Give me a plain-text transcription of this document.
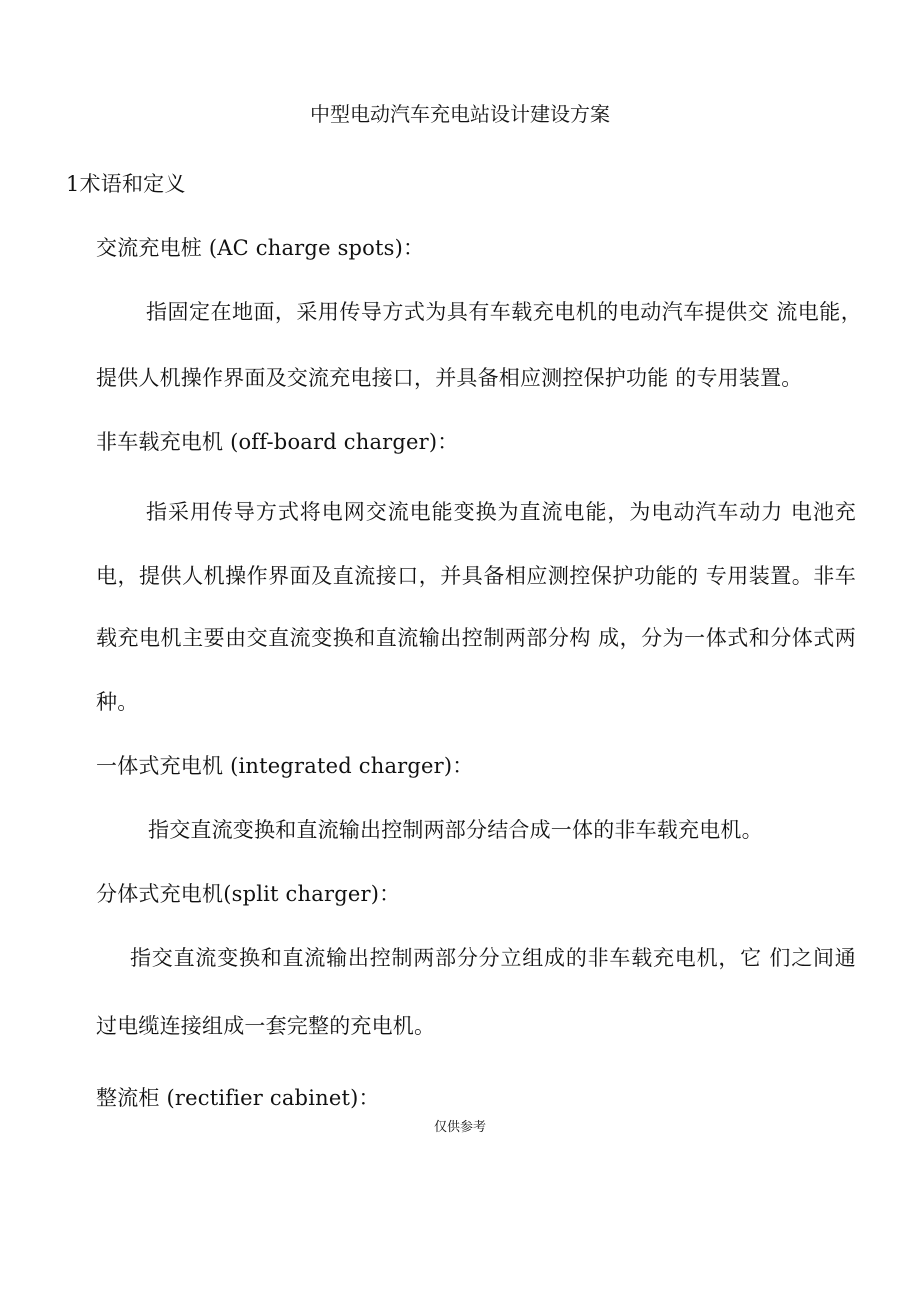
中型电动汽车充电站设计建设方案
1术语和定义
交流充电桩 (AC charge spots)：
指固定在地面，采用传导方式为具有车载充电机的电动汽车提供交 流电能，
提供人机操作界面及交流充电接口，并具备相应测控保护功能 的专用装置。
非车载充电机 (off-board charger)：
指采用传导方式将电网交流电能变换为直流电能，为电动汽车动力 电池充
电，提供人机操作界面及直流接口，并具备相应测控保护功能的 专用装置。非车
载充电机主要由交直流变换和直流输出控制两部分构 成，分为一体式和分体式两
种。
一体式充电机 (integrated charger)：
指交直流变换和直流输出控制两部分结合成一体的非车载充电机。
分体式充电机(split charger)：
指交直流变换和直流输出控制两部分分立组成的非车载充电机，它 们之间通
过电缆连接组成一套完整的充电机。
整流柜 (rectifier cabinet)：
仅供参考
